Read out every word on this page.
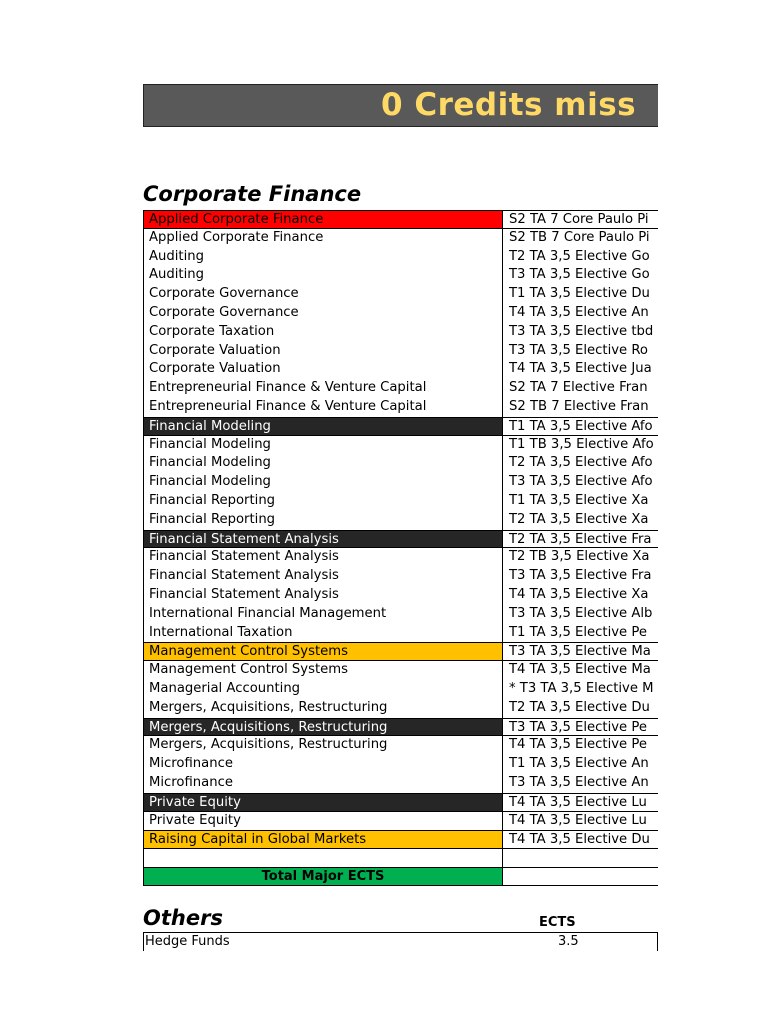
0 Credits miss
Corporate Finance
Applied Corporate Finance	S2 TA 7 Core Paulo Pi
Applied Corporate Finance	S2 TB 7 Core Paulo Pi
Auditing	T2 TA 3,5 Elective Go
Auditing	T3 TA 3,5 Elective Go
Corporate Governance	T1 TA 3,5 Elective Du
Corporate Governance	T4 TA 3,5 Elective An
Corporate Taxation	T3 TA 3,5 Elective tbd
Corporate Valuation	T3 TA 3,5 Elective Ro
Corporate Valuation	T4 TA 3,5 Elective Jua
Entrepreneurial Finance & Venture Capital	S2 TA 7 Elective Fran
Entrepreneurial Finance & Venture Capital	S2 TB 7 Elective Fran
Financial Modeling	T1 TA 3,5 Elective Afo
Financial Modeling	T1 TB 3,5 Elective Afo
Financial Modeling	T2 TA 3,5 Elective Afo
Financial Modeling	T3 TA 3,5 Elective Afo
Financial Reporting	T1 TA 3,5 Elective Xa
Financial Reporting	T2 TA 3,5 Elective Xa
Financial Statement Analysis	T2 TA 3,5 Elective Fra
Financial Statement Analysis	T2 TB 3,5 Elective Xa
Financial Statement Analysis	T3 TA 3,5 Elective Fra
Financial Statement Analysis	T4 TA 3,5 Elective Xa
International Financial Management	T3 TA 3,5 Elective Alb
International Taxation	T1 TA 3,5 Elective Pe
Management Control Systems	T3 TA 3,5 Elective Ma
Management Control Systems	T4 TA 3,5 Elective Ma
Managerial Accounting	* T3 TA 3,5 Elective M
Mergers, Acquisitions, Restructuring	T2 TA 3,5 Elective Du
Mergers, Acquisitions, Restructuring	T3 TA 3,5 Elective Pe
Mergers, Acquisitions, Restructuring	T4 TA 3,5 Elective Pe
Microfinance	T1 TA 3,5 Elective An
Microfinance	T3 TA 3,5 Elective An
Private Equity	T4 TA 3,5 Elective Lu
Private Equity	T4 TA 3,5 Elective Lu
Raising Capital in Global Markets	T4 TA 3,5 Elective Du
Total Major ECTS
Others	ECTS
Hedge Funds	3.5
